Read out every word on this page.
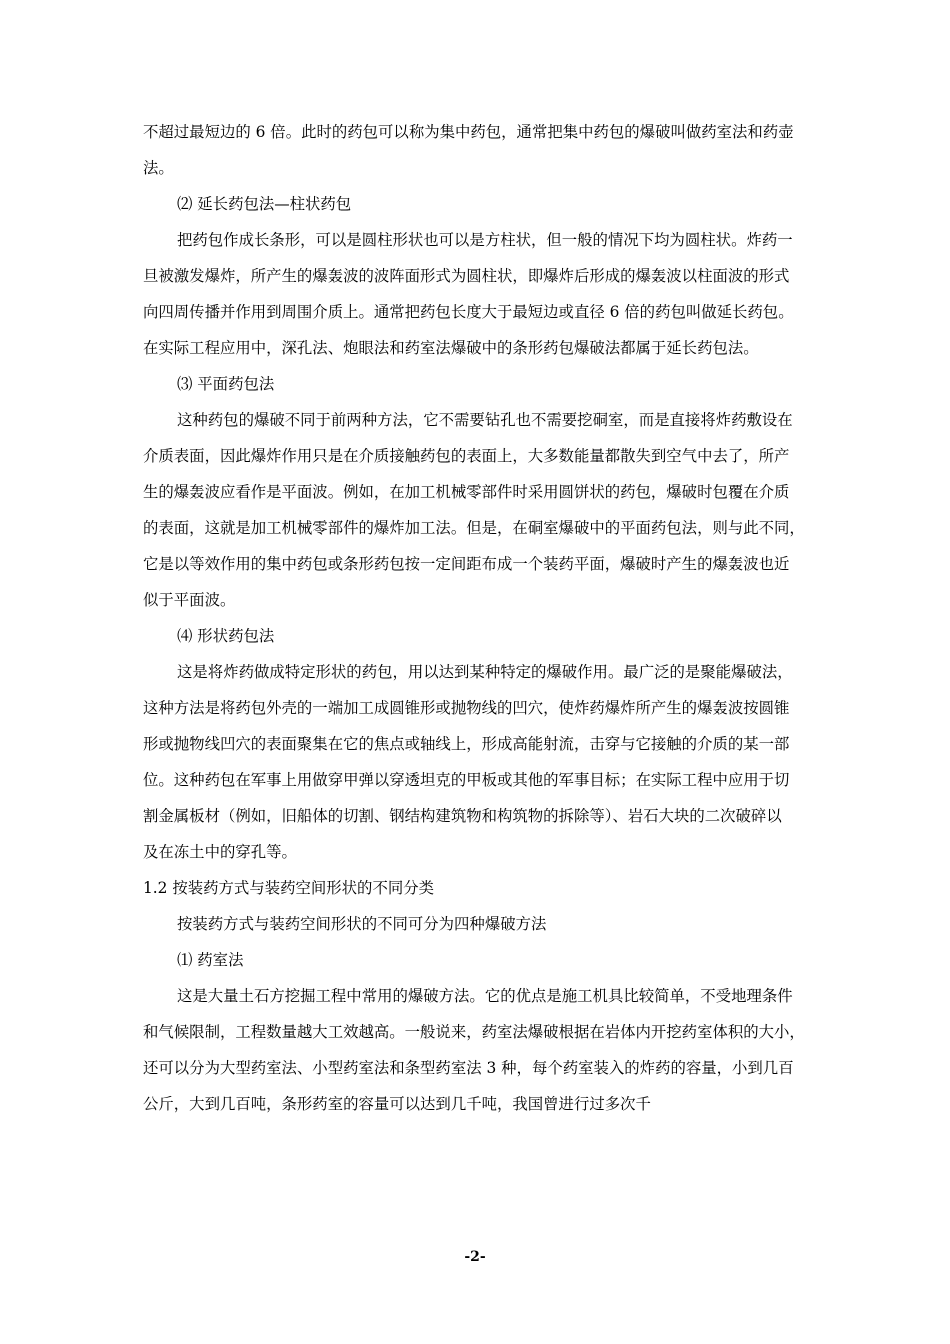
不超过最短边的 6 倍。此时的药包可以称为集中药包，通常把集中药包的爆破叫做药室法和药壶
法。
⑵ 延长药包法—柱状药包
把药包作成长条形，可以是圆柱形状也可以是方柱状，但一般的情况下均为圆柱状。炸药一
旦被激发爆炸，所产生的爆轰波的波阵面形式为圆柱状，即爆炸后形成的爆轰波以柱面波的形式
向四周传播并作用到周围介质上。通常把药包长度大于最短边或直径 6 倍的药包叫做延长药包。
在实际工程应用中，深孔法、炮眼法和药室法爆破中的条形药包爆破法都属于延长药包法。
⑶ 平面药包法
这种药包的爆破不同于前两种方法，它不需要钻孔也不需要挖硐室，而是直接将炸药敷设在
介质表面，因此爆炸作用只是在介质接触药包的表面上，大多数能量都散失到空气中去了，所产
生的爆轰波应看作是平面波。例如，在加工机械零部件时采用圆饼状的药包，爆破时包覆在介质
的表面，这就是加工机械零部件的爆炸加工法。但是，在硐室爆破中的平面药包法，则与此不同，
它是以等效作用的集中药包或条形药包按一定间距布成一个装药平面，爆破时产生的爆轰波也近
似于平面波。
⑷ 形状药包法
这是将炸药做成特定形状的药包，用以达到某种特定的爆破作用。最广泛的是聚能爆破法，
这种方法是将药包外壳的一端加工成圆锥形或抛物线的凹穴，使炸药爆炸所产生的爆轰波按圆锥
形或抛物线凹穴的表面聚集在它的焦点或轴线上，形成高能射流，击穿与它接触的介质的某一部
位。这种药包在军事上用做穿甲弹以穿透坦克的甲板或其他的军事目标；在实际工程中应用于切
割金属板材（例如，旧船体的切割、钢结构建筑物和构筑物的拆除等）、岩石大块的二次破碎以
及在冻土中的穿孔等。
1.2 按装药方式与装药空间形状的不同分类
按装药方式与装药空间形状的不同可分为四种爆破方法
⑴ 药室法
这是大量土石方挖掘工程中常用的爆破方法。它的优点是施工机具比较简单，不受地理条件
和气候限制，工程数量越大工效越高。一般说来，药室法爆破根据在岩体内开挖药室体积的大小，
还可以分为大型药室法、小型药室法和条型药室法 3 种，每个药室装入的炸药的容量，小到几百
公斤，大到几百吨，条形药室的容量可以达到几千吨，我国曾进行过多次千
-2-
